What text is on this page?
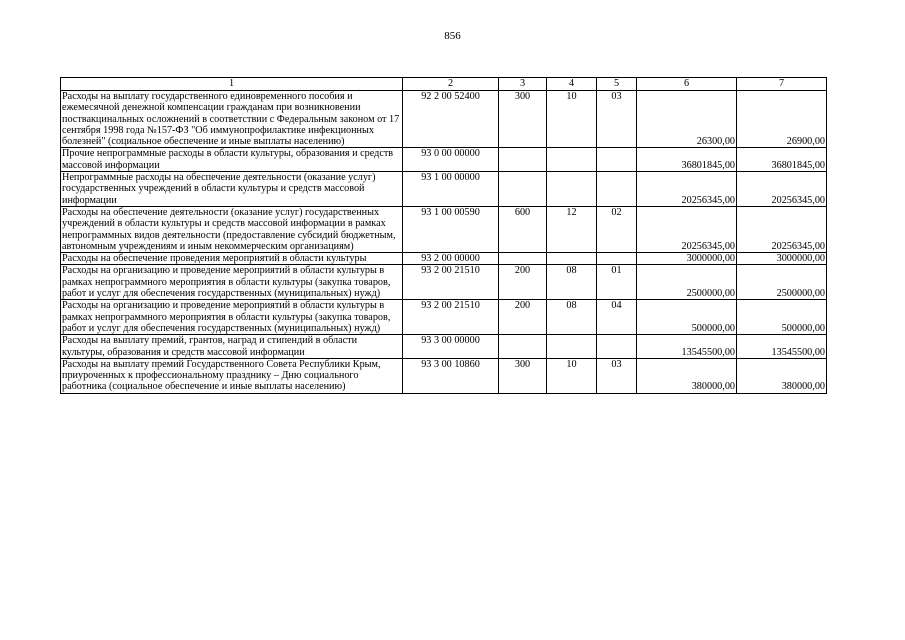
856
1	2	3	4	5	6	7
Расходы на выплату государственного единовременного пособия и ежемесячной денежной компенсации гражданам при возникновении поствакцинальных осложнений в соответствии с Федеральным законом от 17 сентября 1998 года №157-ФЗ "Об иммунопрофилактике инфекционных болезней" (социальное обеспечение и иные выплаты населению)	92 2 00 52400	300	10	03	26300,00	26900,00
Прочие непрограммные расходы в области культуры, образования и средств массовой информации	93 0 00 00000				36801845,00	36801845,00
Непрограммные расходы на обеспечение деятельности (оказание услуг) государственных учреждений в области культуры и средств массовой информации	93 1 00 00000				20256345,00	20256345,00
Расходы на обеспечение деятельности (оказание услуг) государственных учреждений в области культуры и средств массовой информации в рамках непрограммных видов деятельности (предоставление субсидий бюджетным, автономным учреждениям и иным некоммерческим организациям)	93 1 00 00590	600	12	02	20256345,00	20256345,00
Расходы на обеспечение проведения мероприятий в области культуры	93 2 00 00000				3000000,00	3000000,00
Расходы на организацию и проведение мероприятий в области культуры в рамках непрограммного мероприятия в области культуры (закупка товаров, работ и услуг для обеспечения государственных (муниципальных) нужд)	93 2 00 21510	200	08	01	2500000,00	2500000,00
Расходы на организацию и проведение мероприятий в области культуры в рамках непрограммного мероприятия в области культуры (закупка товаров, работ и услуг для обеспечения государственных (муниципальных) нужд)	93 2 00 21510	200	08	04	500000,00	500000,00
Расходы на выплату премий, грантов, наград и стипендий в области культуры, образования и средств массовой информации	93 3 00 00000				13545500,00	13545500,00
Расходы на выплату премий Государственного Совета Республики Крым, приуроченных к профессиональному празднику – Дню социального работника (социальное обеспечение и иные выплаты населению)	93 3 00 10860	300	10	03	380000,00	380000,00
